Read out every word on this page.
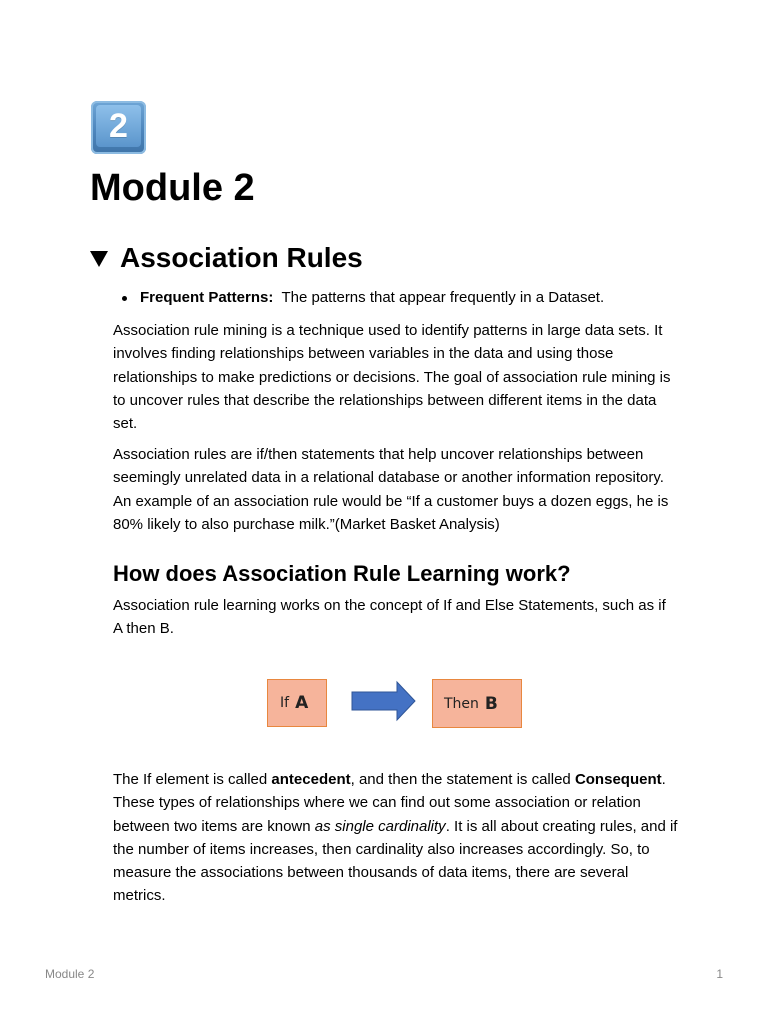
2
Module 2
Association Rules
Frequent Patterns: The patterns that appear frequently in a Dataset.

Association rule mining is a technique used to identify patterns in large data sets. It involves finding relationships between variables in the data and using those relationships to make predictions or decisions. The goal of association rule mining is to uncover rules that describe the relationships between different items in the data set.

Association rules are if/then statements that help uncover relationships between seemingly unrelated data in a relational database or another information repository. An example of an association rule would be “If a customer buys a dozen eggs, he is 80% likely to also purchase milk.”(Market Basket Analysis)

How does Association Rule Learning work?

Association rule learning works on the concept of If and Else Statements, such as if A then B.

If A	Then B

The If element is called antecedent, and then the statement is called Consequent. These types of relationships where we can find out some association or relation between two items are known as single cardinality. It is all about creating rules, and if the number of items increases, then cardinality also increases accordingly. So, to measure the associations between thousands of data items, there are several metrics.

Module 2	1
